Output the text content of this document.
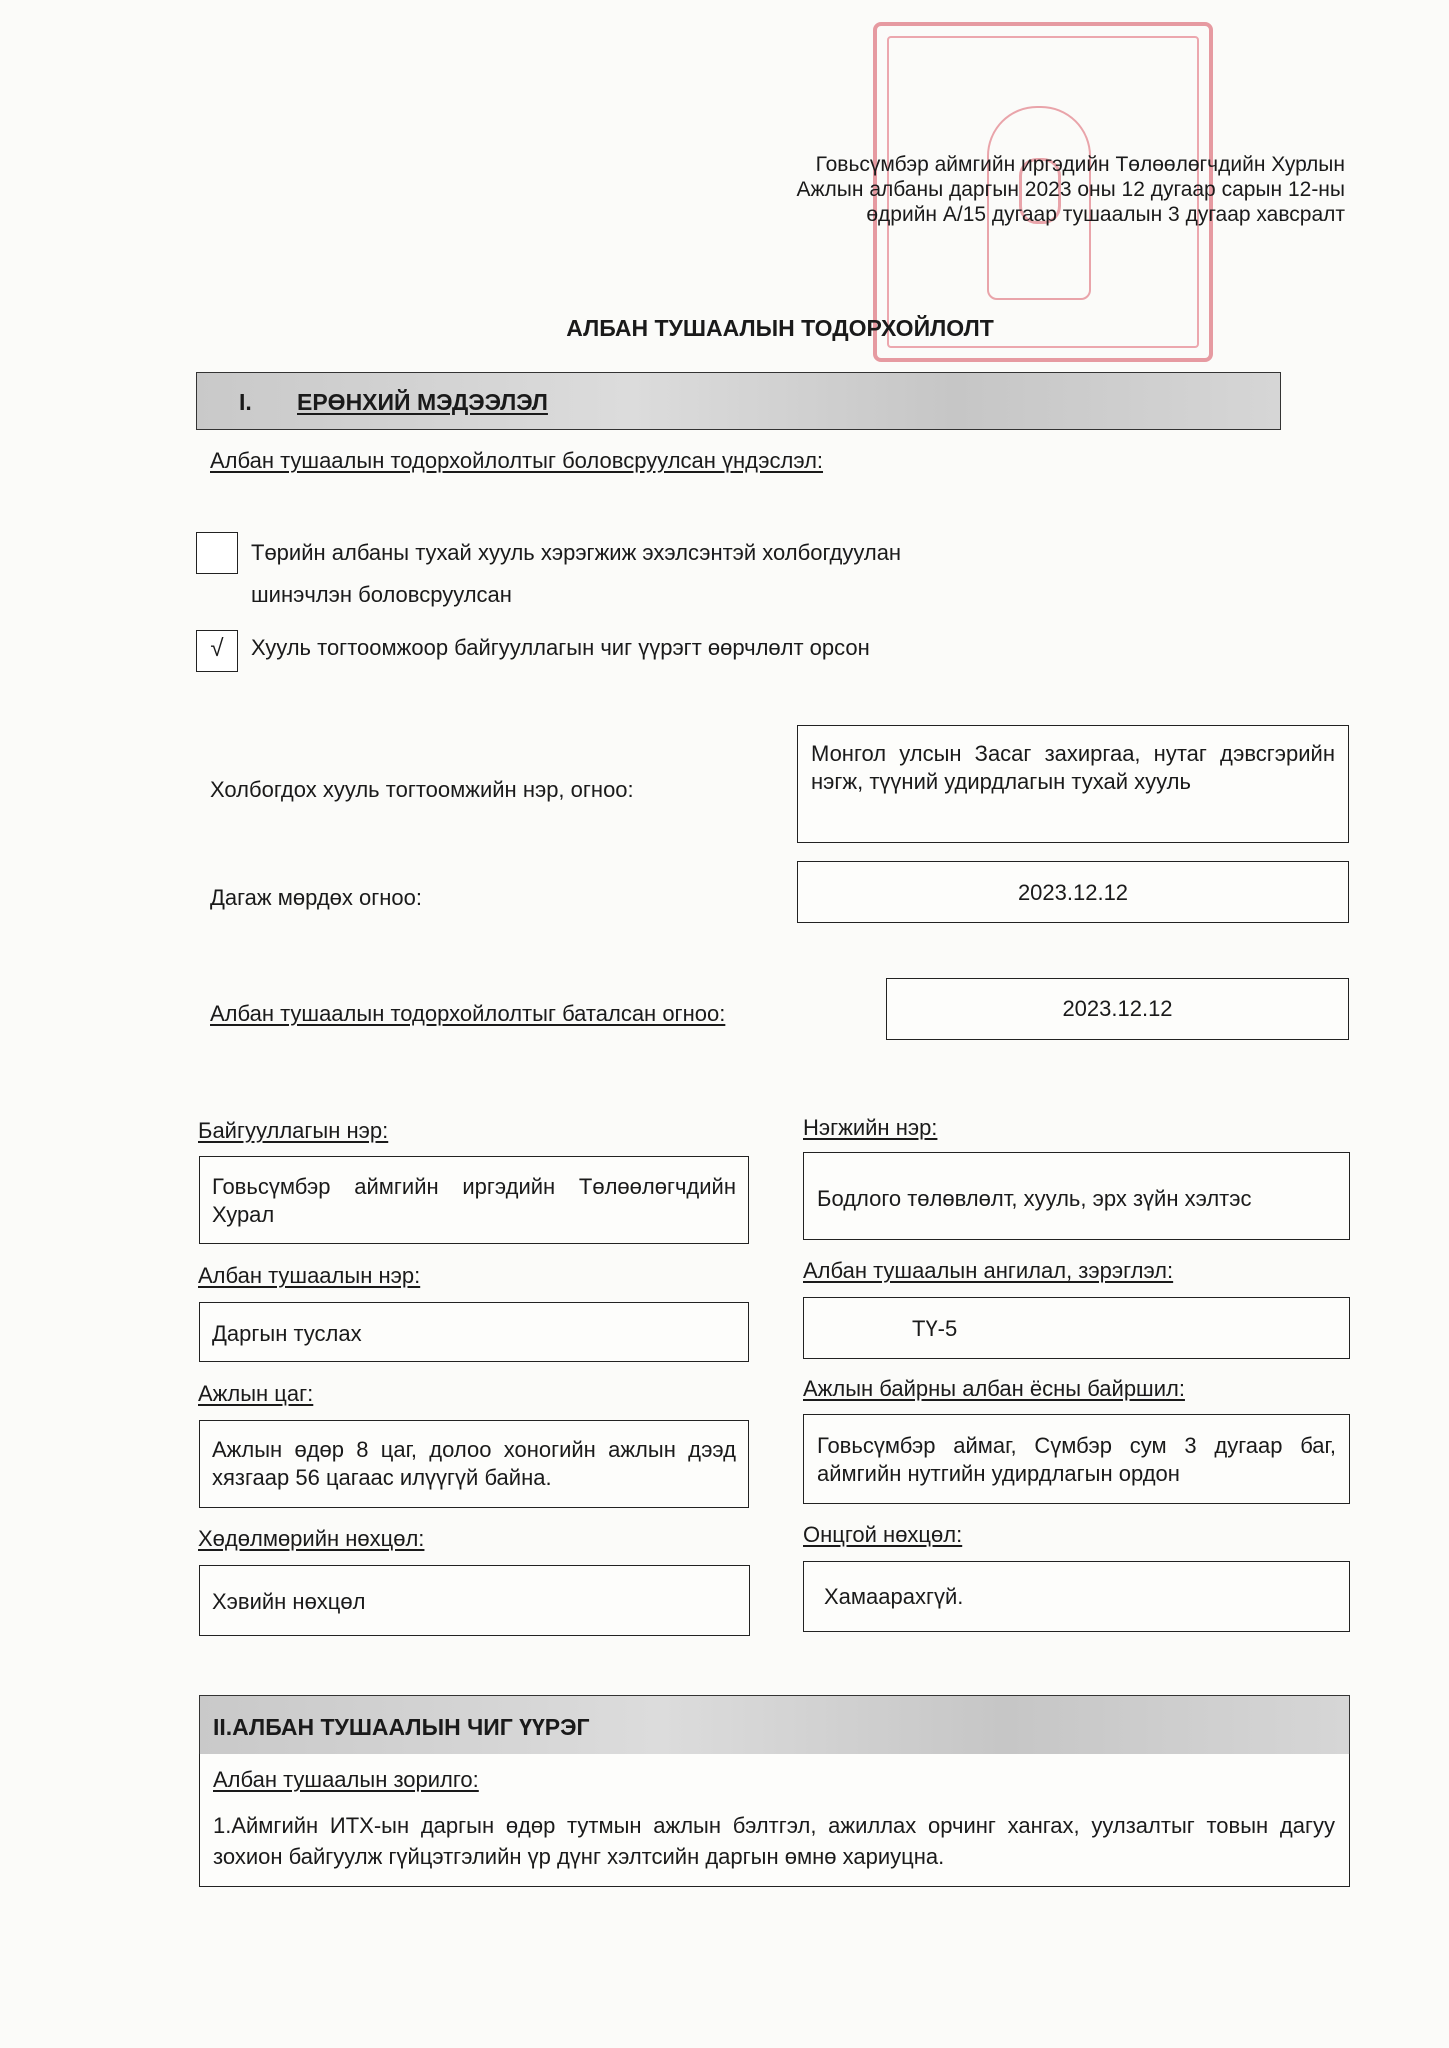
Говьсүмбэр аймгийн иргэдийн Төлөөлөгчдийн Хурлын
Ажлын албаны даргын 2023 оны 12 дугаар сарын 12-ны
өдрийн А/15 дугаар тушаалын 3 дугаар хавсралт
АЛБАН ТУШААЛЫН ТОДОРХОЙЛОЛТ
I. ЕРӨНХИЙ МЭДЭЭЛЭЛ
Албан тушаалын тодорхойлолтыг боловсруулсан үндэслэл:
Төрийн албаны тухай хууль хэрэгжиж эхэлсэнтэй холбогдуулан
шинэчлэн боловсруулсан
√	Хууль тогтоомжоор байгууллагын чиг үүрэгт өөрчлөлт орсон
Холбогдох хууль тогтоомжийн нэр, огноо:
Монгол улсын Засаг захиргаа, нутаг дэвсгэрийн нэгж, түүний удирдлагын тухай хууль
Дагаж мөрдөх огноо:	2023.12.12
Албан тушаалын тодорхойлолтыг баталсан огноо:	2023.12.12
Байгууллагын нэр:
Говьсүмбэр аймгийн иргэдийн Төлөөлөгчдийн Хурал
Албан тушаалын нэр:
Даргын туслах
Ажлын цаг:
Ажлын өдөр 8 цаг, долоо хоногийн ажлын дээд хязгаар 56 цагаас илүүгүй байна.
Хөдөлмөрийн нөхцөл:
Хэвийн нөхцөл
Нэгжийн нэр:
Бодлого төлөвлөлт, хууль, эрх зүйн хэлтэс
Албан тушаалын ангилал, зэрэглэл:
ТҮ-5
Ажлын байрны албан ёсны байршил:
Говьсүмбэр аймаг, Сүмбэр сум 3 дугаар баг, аймгийн нутгийн удирдлагын ордон
Онцгой нөхцөл:
Хамаарахгүй.
II.АЛБАН ТУШААЛЫН ЧИГ ҮҮРЭГ
Албан тушаалын зорилго:
1.Аймгийн ИТХ-ын даргын өдөр тутмын ажлын бэлтгэл, ажиллах орчинг хангах, уулзалтыг товын дагуу зохион байгуулж гүйцэтгэлийн үр дүнг хэлтсийн даргын өмнө хариуцна.
